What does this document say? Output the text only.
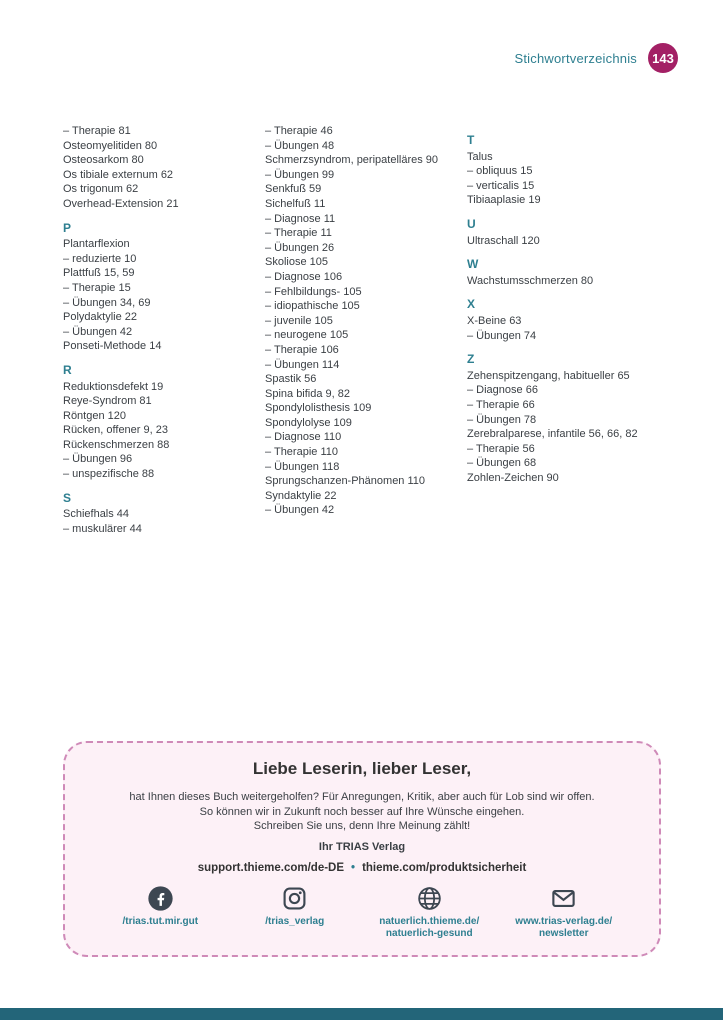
Stichwortverzeichnis	143
– Therapie 81
Osteomyelitiden 80
Osteosarkom 80
Os tibiale externum 62
Os trigonum 62
Overhead-Extension 21
P
Plantarflexion
– reduzierte 10
Plattfuß 15, 59
– Therapie 15
– Übungen 34, 69
Polydaktylie 22
– Übungen 42
Ponseti-Methode 14
R
Reduktionsdefekt 19
Reye-Syndrom 81
Röntgen 120
Rücken, offener 9, 23
Rückenschmerzen 88
– Übungen 96
– unspezifische 88
S
Schiefhals 44
– muskulärer 44
– Therapie 46
– Übungen 48
Schmerzsyndrom, peripatelläres 90
– Übungen 99
Senkfuß 59
Sichelfuß 11
– Diagnose 11
– Therapie 11
– Übungen 26
Skoliose 105
– Diagnose 106
– Fehlbildungs- 105
– idiopathische 105
– juvenile 105
– neurogene 105
– Therapie 106
– Übungen 114
Spastik 56
Spina bifida 9, 82
Spondylolisthesis 109
Spondylolyse 109
– Diagnose 110
– Therapie 110
– Übungen 118
Sprungschanzen-Phänomen 110
Syndaktylie 22
– Übungen 42
T
Talus
– obliquus 15
– verticalis 15
Tibiaaplasie 19
U
Ultraschall 120
W
Wachstumsschmerzen 80
X
X-Beine 63
– Übungen 74
Z
Zehenspitzengang, habitueller 65
– Diagnose 66
– Therapie 66
– Übungen 78
Zerebralparese, infantile 56, 66, 82
– Therapie 56
– Übungen 68
Zohlen-Zeichen 90
Liebe Leserin, lieber Leser,
hat Ihnen dieses Buch weitergeholfen? Für Anregungen, Kritik, aber auch für Lob sind wir offen.
So können wir in Zukunft noch besser auf Ihre Wünsche eingehen.
Schreiben Sie uns, denn Ihre Meinung zählt!
Ihr TRIAS Verlag
support.thieme.com/de-DE • thieme.com/produktsicherheit
/trias.tut.mir.gut	/trias_verlag	natuerlich.thieme.de/
natuerlich-gesund
www.trias-verlag.de/
newsletter
